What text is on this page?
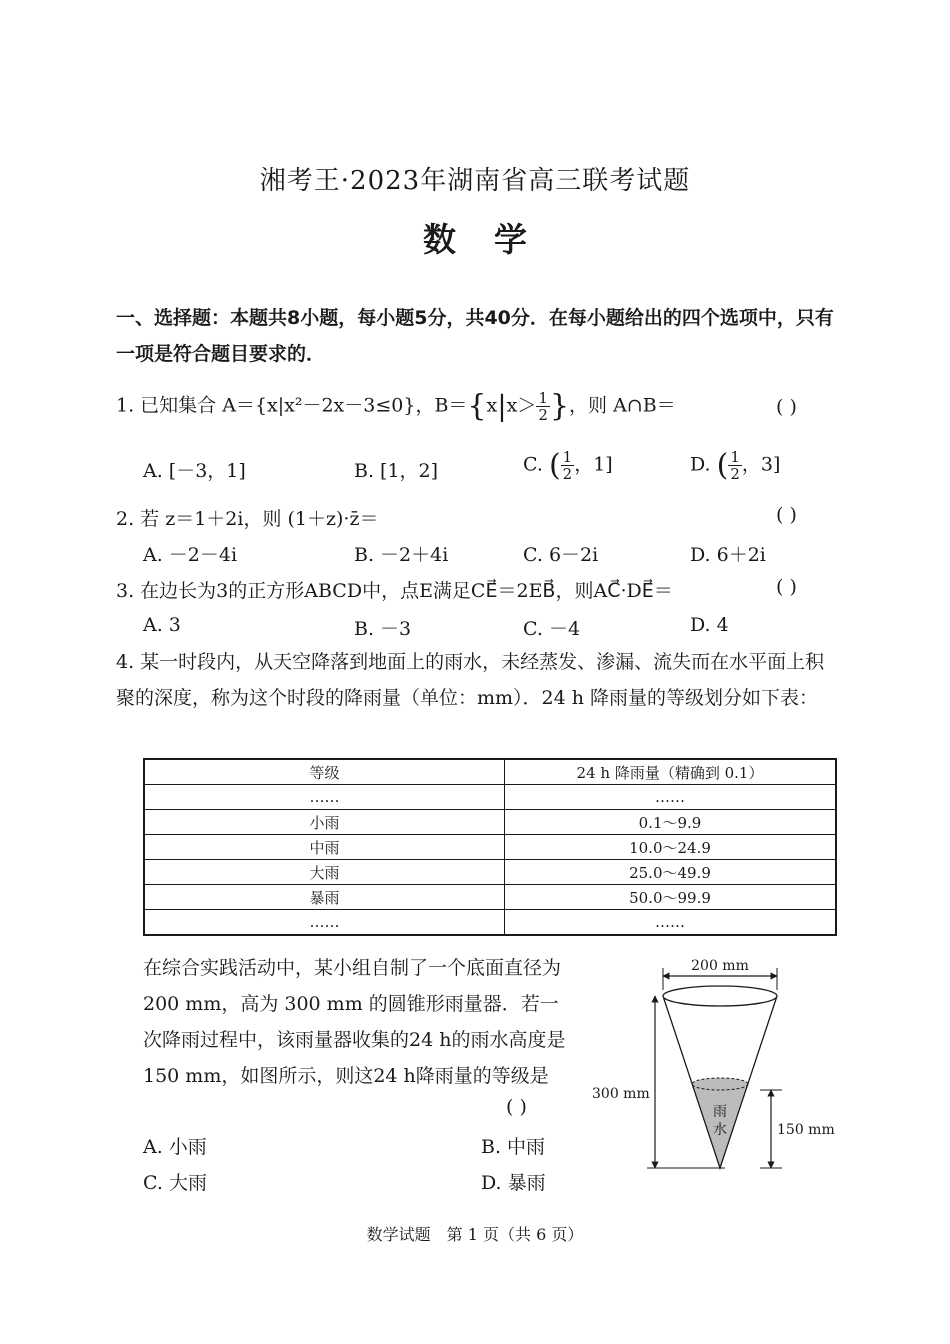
湘考王·2023年湖南省高三联考试题
数学
一、选择题：本题共8小题，每小题5分，共40分．在每小题给出的四个选项中，只有一项是符合题目要求的．
1. 已知集合 A＝{x|x²－2x－3≤0}，$B=\{x|x> \frac{1}{2}$ }，则 A∩B＝	( )
A. [－3，1]	B. [1，2]	C. ( $\frac{1}{2}$ ，1]	D. ( $\frac{1}{2}$ ，3]
2. 若 z＝1＋2i，则 (1＋z)·z̄＝	( )
A. －2－4i	B. －2＋4i	C. 6－2i	D. 6＋2i
3. 在边长为3的正方形ABCD中，点E满足CE⃗＝2EB⃗，则AC⃗·DE⃗＝	( )
A. 3	B. －3	C. －4	D. 4
4. 某一时段内，从天空降落到地面上的雨水，未经蒸发、渗漏、流失而在水平面上积聚的深度，称为这个时段的降雨量（单位：mm）．24 h 降雨量的等级划分如下表：
等级	24 h 降雨量（精确到 0.1）
……	……
小雨	0.1～9.9
中雨	10.0～24.9
大雨	25.0～49.9
暴雨	50.0～99.9
……	……
在综合实践活动中，某小组自制了一个底面直径为 200 mm，高为 300 mm 的圆锥形雨量器．若一次降雨过程中，该雨量器收集的24 h的雨水高度是150 mm，如图所示，则这24 h降雨量的等级是
( )
A. 小雨	B. 中雨
C. 大雨	D. 暴雨
200 mm
雨
水
300 mm
150 mm
数学试题　第 1 页（共 6 页）
